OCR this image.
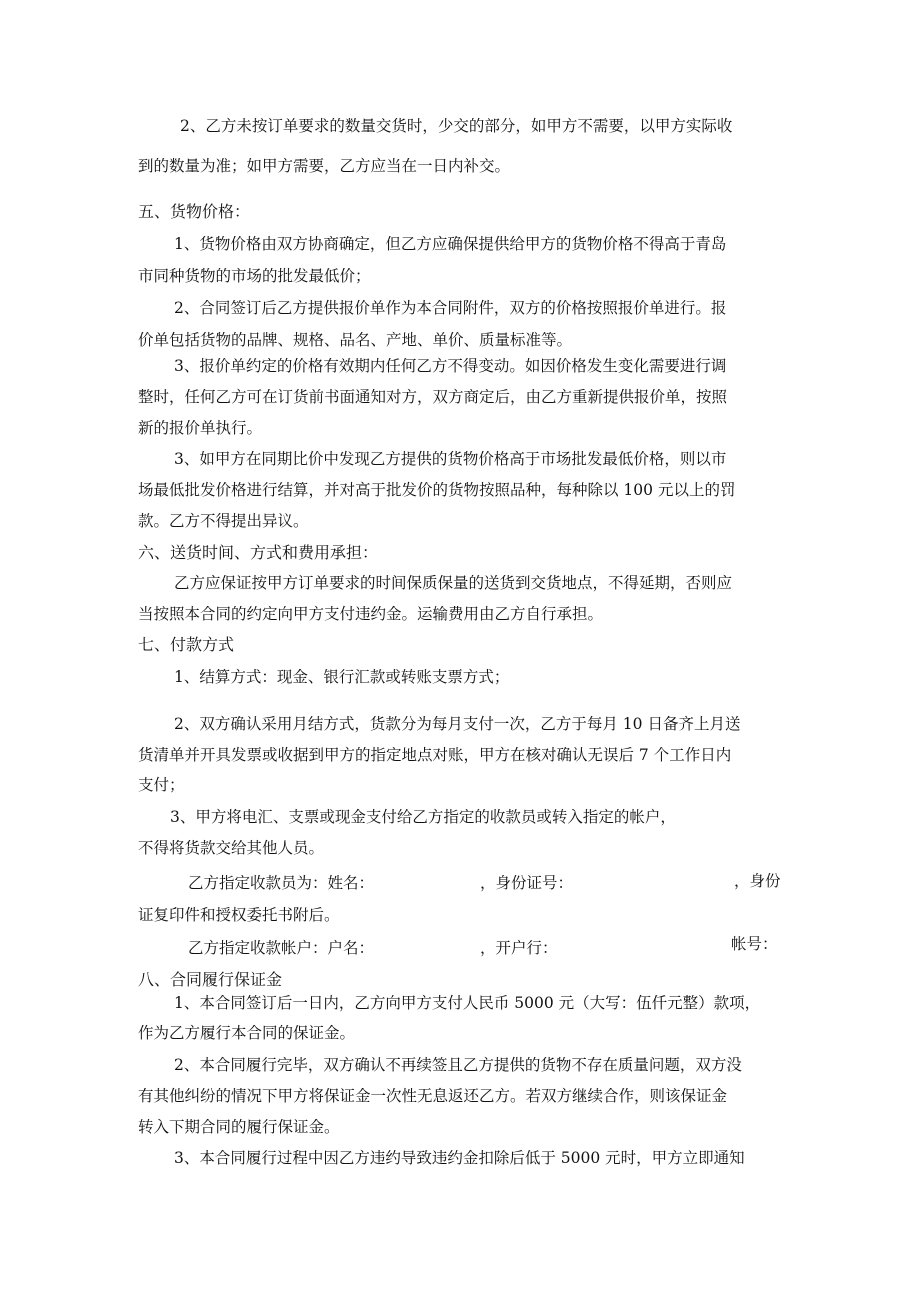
2、乙方未按订单要求的数量交货时，少交的部分，如甲方不需要，以甲方实际收
到的数量为准；如甲方需要，乙方应当在一日内补交。
五、货物价格：
1、货物价格由双方协商确定，但乙方应确保提供给甲方的货物价格不得高于青岛
市同种货物的市场的批发最低价；
2、合同签订后乙方提供报价单作为本合同附件，双方的价格按照报价单进行。报
价单包括货物的品牌、规格、品名、产地、单价、质量标准等。
3、报价单约定的价格有效期内任何乙方不得变动。如因价格发生变化需要进行调
整时，任何乙方可在订货前书面通知对方，双方商定后，由乙方重新提供报价单，按照
新的报价单执行。
3、如甲方在同期比价中发现乙方提供的货物价格高于市场批发最低价格，则以市
场最低批发价格进行结算，并对高于批发价的货物按照品种，每种除以 100 元以上的罚
款。乙方不得提出异议。
六、送货时间、方式和费用承担：
乙方应保证按甲方订单要求的时间保质保量的送货到交货地点，不得延期，否则应
当按照本合同的约定向甲方支付违约金。运输费用由乙方自行承担。
七、付款方式
1、结算方式：现金、银行汇款或转账支票方式；
2、双方确认采用月结方式，货款分为每月支付一次，乙方于每月 10 日备齐上月送
货清单并开具发票或收据到甲方的指定地点对账，甲方在核对确认无误后 7 个工作日内
支付；
3、甲方将电汇、支票或现金支付给乙方指定的收款员或转入指定的帐户，
不得将货款交给其他人员。
乙方指定收款员为：姓名：	，身份证号：	，身份
证复印件和授权委托书附后。
乙方指定收款帐户：户名：	，开户行：	帐号：
八、合同履行保证金
1、本合同签订后一日内，乙方向甲方支付人民币 5000 元（大写：伍仟元整）款项，
作为乙方履行本合同的保证金。
2、本合同履行完毕，双方确认不再续签且乙方提供的货物不存在质量问题，双方没
有其他纠纷的情况下甲方将保证金一次性无息返还乙方。若双方继续合作，则该保证金
转入下期合同的履行保证金。
3、本合同履行过程中因乙方违约导致违约金扣除后低于 5000 元时，甲方立即通知
